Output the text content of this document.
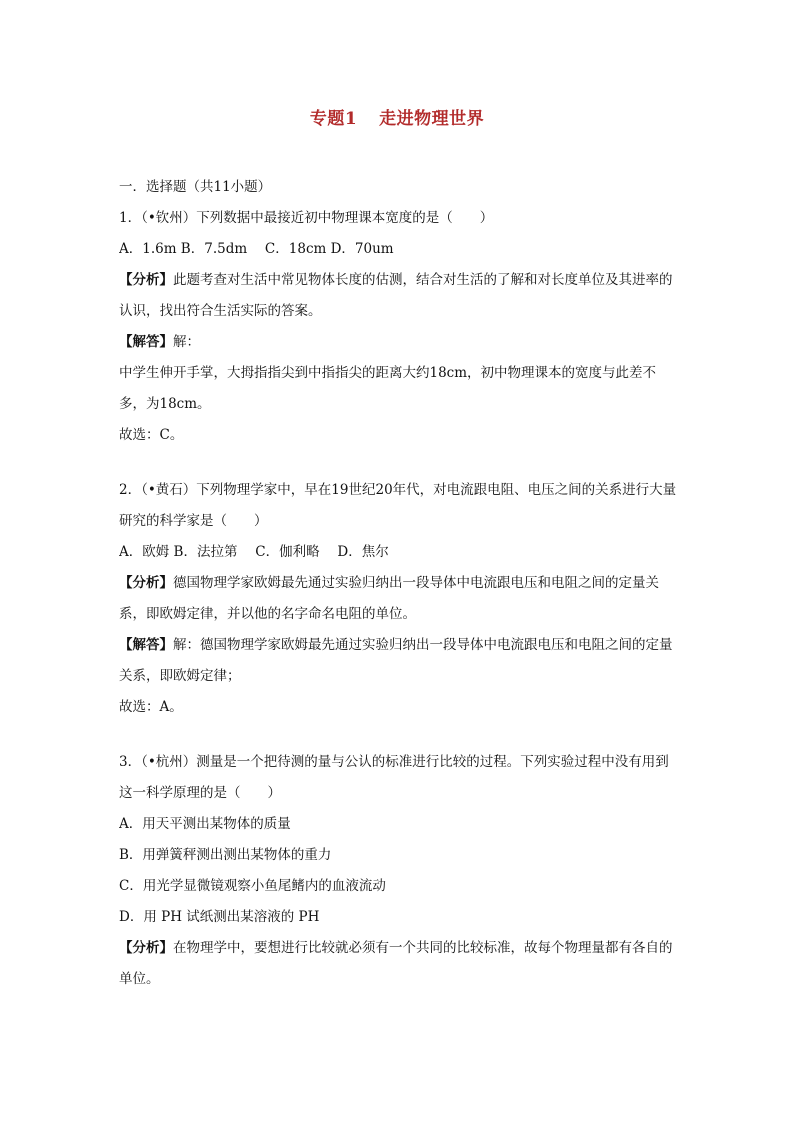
专题1 走进物理世界
一．选择题（共11小题）
1．（•钦州）下列数据中最接近初中物理课本宽度的是（　　）
A．1.6m B．7.5dm　 C．18cm D．70um
【分析】此题考查对生活中常见物体长度的估测，结合对生活的了解和对长度单位及其进率的认识，找出符合生活实际的答案。
【解答】解：
中学生伸开手掌，大拇指指尖到中指指尖的距离大约18cm，初中物理课本的宽度与此差不多，为18cm。
故选：C。
2．（•黄石）下列物理学家中，早在19世纪20年代，对电流跟电阻、电压之间的关系进行大量研究的科学家是（　　）
A．欧姆 B．法拉第　 C．伽利略　 D．焦尔
【分析】德国物理学家欧姆最先通过实验归纳出一段导体中电流跟电压和电阻之间的定量关系，即欧姆定律，并以他的名字命名电阻的单位。
【解答】解：德国物理学家欧姆最先通过实验归纳出一段导体中电流跟电压和电阻之间的定量关系，即欧姆定律；
故选：A。
3．（•杭州）测量是一个把待测的量与公认的标准进行比较的过程。下列实验过程中没有用到这一科学原理的是（　　）
A．用天平测出某物体的质量
B．用弹簧秤测出测出某物体的重力
C．用光学显微镜观察小鱼尾鳍内的血液流动
D．用 PH 试纸测出某溶液的 PH
【分析】在物理学中，要想进行比较就必须有一个共同的比较标准，故每个物理量都有各自的单位。
